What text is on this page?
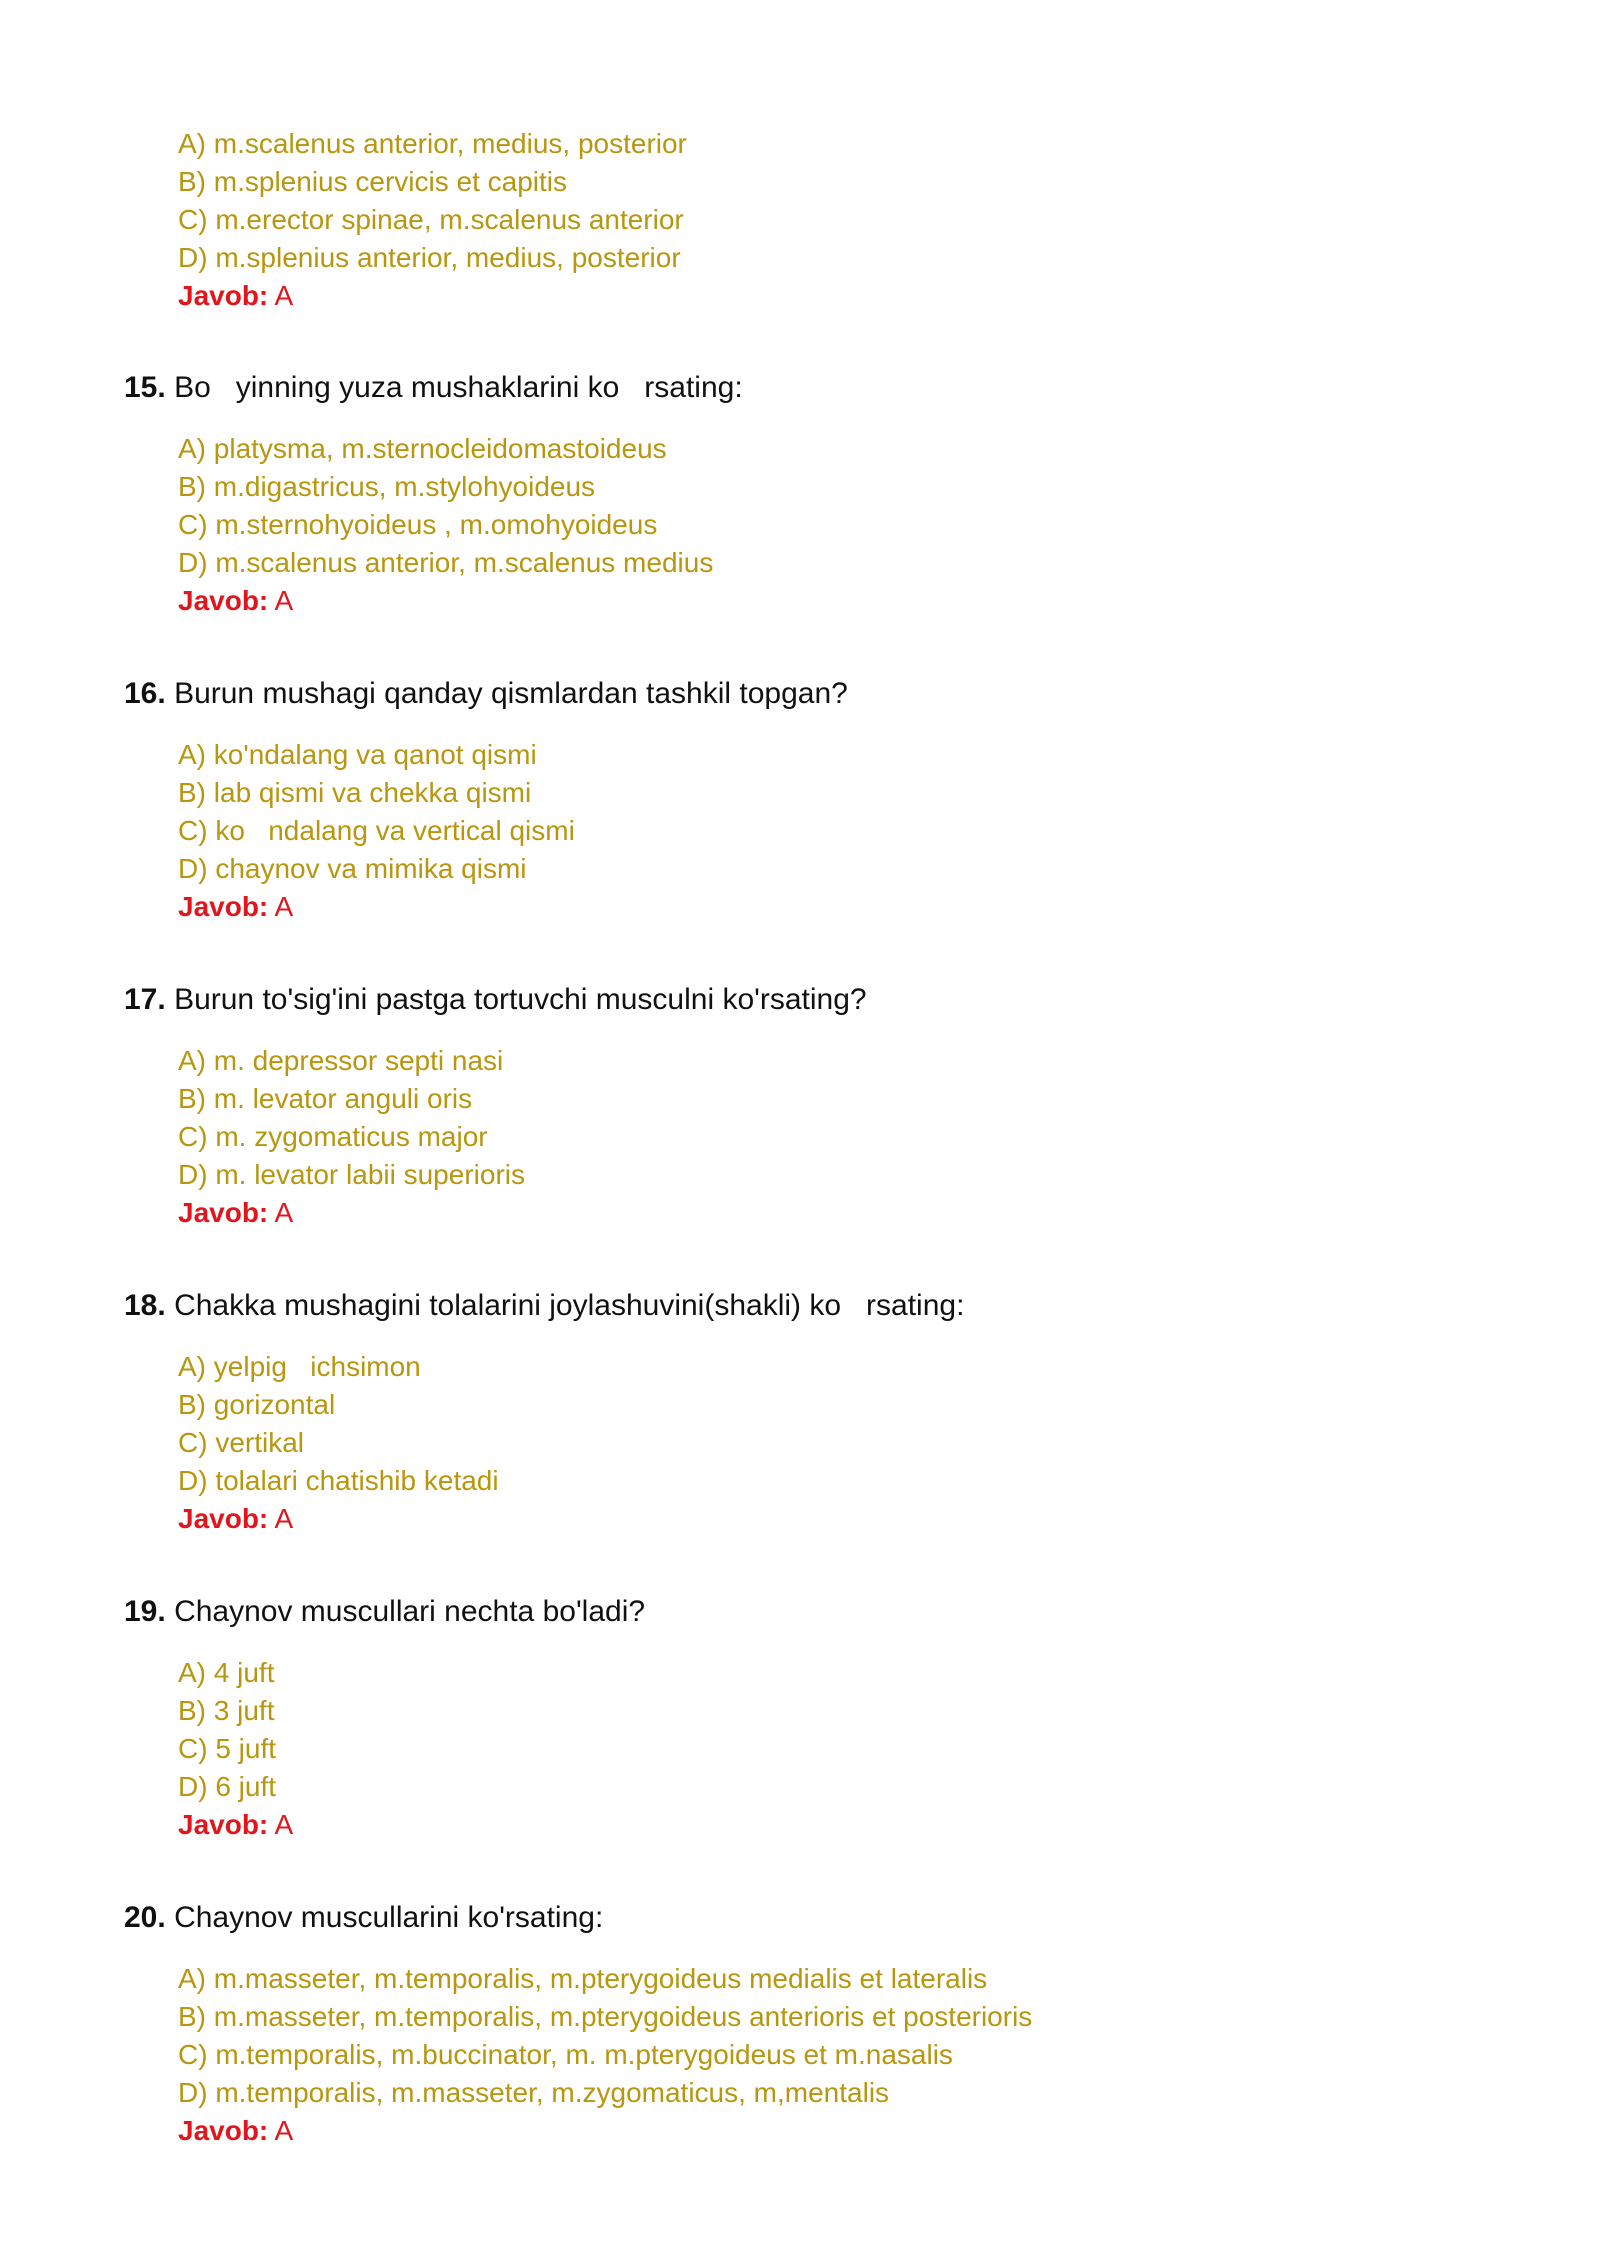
A) m.scalenus anterior, medius, posterior
B) m.splenius cervicis et capitis
C) m.erector spinae, m.scalenus anterior
D) m.splenius anterior, medius, posterior
Javob: A
15. Bo   yinning yuza mushaklarini ko   rsating:
A) platysma, m.sternocleidomastoideus
B) m.digastricus, m.stylohyoideus
C) m.sternohyoideus , m.omohyoideus
D) m.scalenus anterior, m.scalenus medius
Javob: A
16. Burun mushagi qanday qismlardan tashkil topgan?
A) ko'ndalang va qanot qismi
B) lab qismi va chekka qismi
C) ko   ndalang va vertical qismi
D) chaynov va mimika qismi
Javob: A
17. Burun to'sig'ini pastga tortuvchi musculni ko'rsating?
A) m. depressor septi nasi
B) m. levator anguli oris
C) m. zygomaticus major
D) m. levator labii superioris
Javob: A
18. Chakka mushagini tolalarini joylashuvini(shakli) ko   rsating:
A) yelpig   ichsimon
B) gorizontal
C) vertikal
D) tolalari chatishib ketadi
Javob: A
19. Chaynov muscullari nechta bo'ladi?
A) 4 juft
B) 3 juft
C) 5 juft
D) 6 juft
Javob: A
20. Chaynov muscullarini ko'rsating:
A) m.masseter, m.temporalis, m.pterygoideus medialis et lateralis
B) m.masseter, m.temporalis, m.pterygoideus anterioris et posterioris
C) m.temporalis, m.buccinator, m. m.pterygoideus et m.nasalis
D) m.temporalis, m.masseter, m.zygomaticus, m,mentalis
Javob: A
